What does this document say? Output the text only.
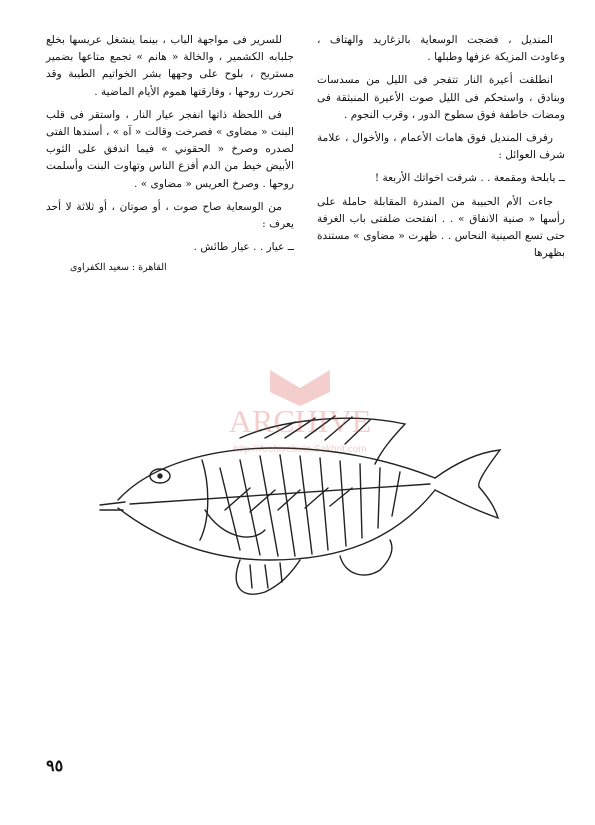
المنديل ، فضجت الوسعاية بالزغاريد والهتاف ، وعاودت المزيكة عزفها وطبلها .

انطلقت أعيرة النار تتفجر فى الليل من مسدسات وبنادق ، واستحكم فى الليل صوت الأعيرة المنبثقة فى ومضات خاطفة فوق سطوح الدور ، وقرب النجوم .

رفرف المنديل فوق هامات الأعمام ، والأخوال ، علامة شرف العوائل :

ــ يابلحة ومقمعة . . شرفت اخواتك الأربعة !

جاءت الأم الحبيبة من المندرة المقابلة حاملة على رأسها « صنية الانفاق » . . انفتحت ضلفتى باب الغرفة حتى تسع الصينية النحاس . . ظهرت « مضاوى » مستندة بظهرها

للسرير فى مواجهة الباب ، بينما ينشغل عريسها بخلع جلبابه الكشمير ، والخالة « هانم » تجمع متاعها بضمير مستريح ، بلوح على وجهها بشر الخواتيم الطيبة وقد تحررت روحها ، وفارقتها هموم الأيام الماضية .

فى اللحظة ذاتها انفجر عيار النار ، واستقر فى قلب البنت « مضاوى » فصرخت وقالت « آه » ، أسندها الفتى لصدره وصرخ « الحقوني » فيما اندفق على الثوب الأبيض خيط من الدم أفزع الناس وتهاوت البنت وأسلمت روحها . وصرخ العريس « مضاوى » .

من الوسعاية صاح صوت ، أو صوتان ، أو ثلاثة لا أحد يعرف :

ــ عيار . . عيار طائش .

القاهرة : سعيد الكفراوى
ARCHIVE
http://Archivebeta.Sakhrit.com
٩٥
